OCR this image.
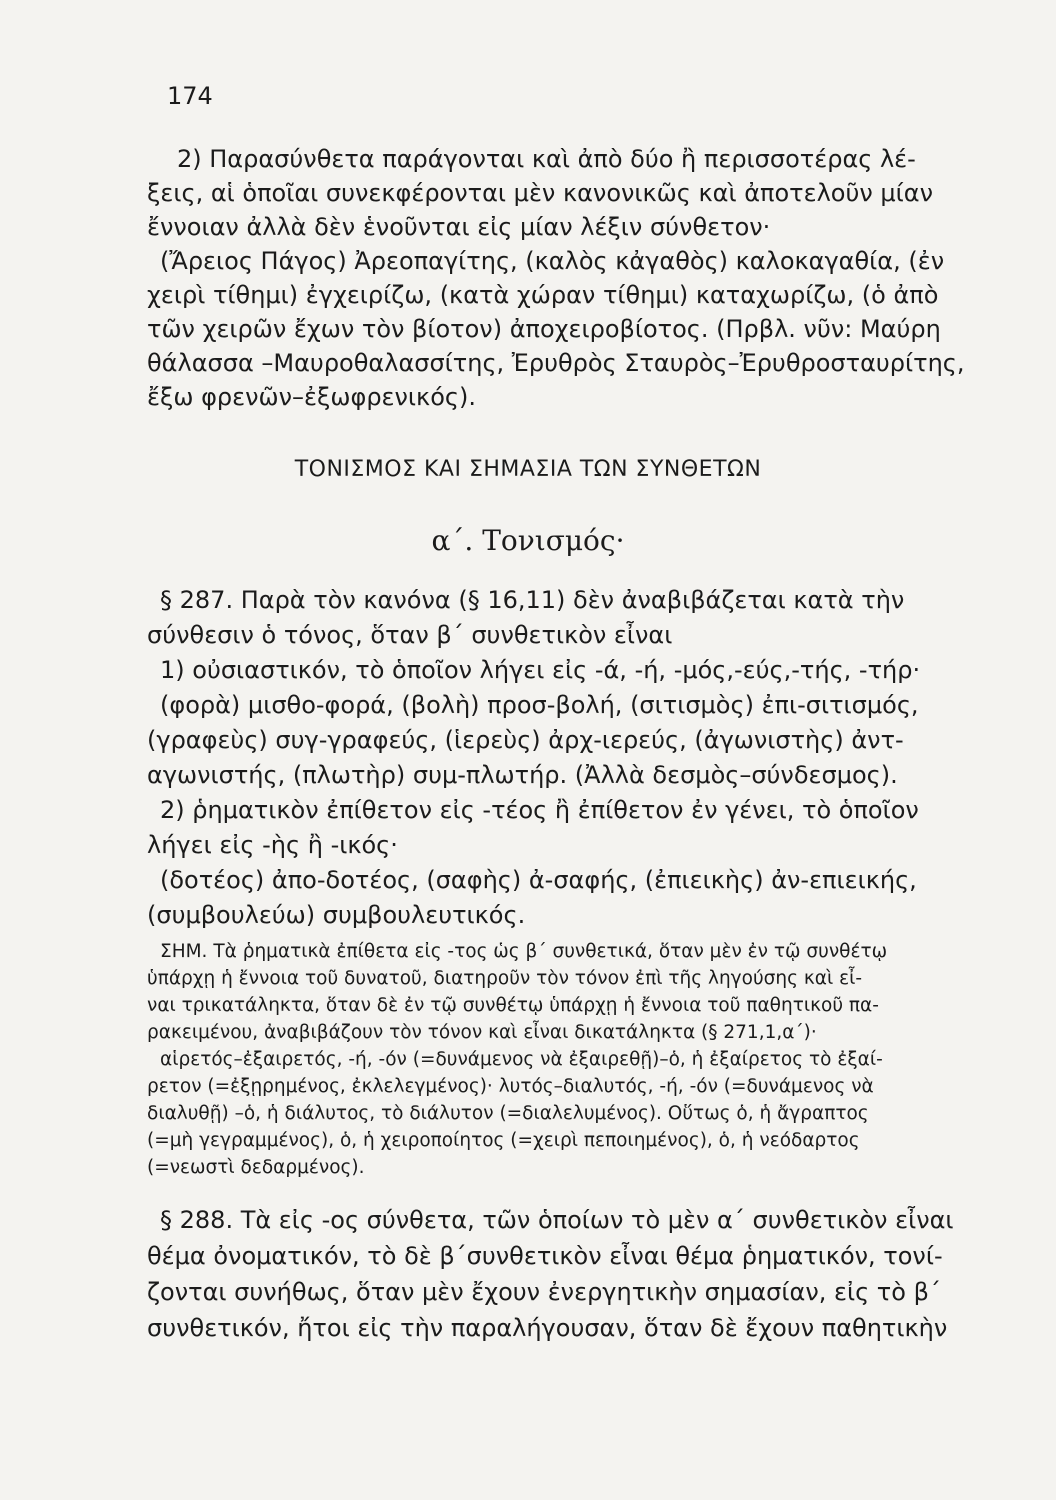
174
2) Παρασύνθετα παράγονται καὶ ἀπὸ δύο ἢ περισσοτέρας λέ-
ξεις, αἱ ὁποῖαι συνεκφέρονται μὲν κανονικῶς καὶ ἀποτελοῦν μίαν
ἔννοιαν ἀλλὰ δὲν ἑνοῦνται εἰς μίαν λέξιν σύνθετον·
(Ἄρειος Πάγος) Ἀρεοπαγίτης, (καλὸς κἀγαθὸς) καλοκαγαθία, (ἐν
χειρὶ τίθημι) ἐγχειρίζω, (κατὰ χώραν τίθημι) καταχωρίζω, (ὁ ἀπὸ
τῶν χειρῶν ἔχων τὸν βίοτον) ἀποχειροβίοτος. (Πρβλ. νῦν: Μαύρη
θάλασσα –Μαυροθαλασσίτης, Ἐρυθρὸς Σταυρὸς–Ἐρυθροσταυρίτης,
ἔξω φρενῶν–ἐξωφρενικός).
ΤΟΝΙΣΜΟΣ ΚΑΙ ΣΗΜΑΣΙΑ ΤΩΝ ΣΥΝΘΕΤΩΝ
α΄. Τονισμός·
§ 287. Παρὰ τὸν κανόνα (§ 16,11) δὲν ἀναβιβάζεται κατὰ τὴν
σύνθεσιν ὁ τόνος, ὅταν β΄ συνθετικὸν εἶναι
1) οὐσιαστικόν, τὸ ὁποῖον λήγει εἰς -ά, -ή, -μός,-εύς,-τής, -τήρ·
(φορὰ) μισθο-φορά, (βολὴ) προσ-βολή, (σιτισμὸς) ἐπι-σιτισμός,
(γραφεὺς) συγ-γραφεύς, (ἱερεὺς) ἀρχ-ιερεύς, (ἀγωνιστὴς) ἀντ-
αγωνιστής, (πλωτὴρ) συμ-πλωτήρ. (Ἀλλὰ δεσμὸς–σύνδεσμος).
2) ῥηματικὸν ἐπίθετον εἰς -τέος ἢ ἐπίθετον ἐν γένει, τὸ ὁποῖον
λήγει εἰς -ὴς ἢ -ικός·
(δοτέος) ἀπο-δοτέος, (σαφὴς) ἀ-σαφής, (ἐπιεικὴς) ἀν-επιεικής,
(συμβουλεύω) συμβουλευτικός.
ΣΗΜ. Τὰ ῥηματικὰ ἐπίθετα εἰς -τος ὡς β΄ συνθετικά, ὅταν μὲν ἐν τῷ συνθέτῳ
ὑπάρχῃ ἡ ἔννοια τοῦ δυνατοῦ, διατηροῦν τὸν τόνον ἐπὶ τῆς ληγούσης καὶ εἶ-
ναι τρικατάληκτα, ὅταν δὲ ἐν τῷ συνθέτῳ ὑπάρχῃ ἡ ἔννοια τοῦ παθητικοῦ πα-
ρακειμένου, ἀναβιβάζουν τὸν τόνον καὶ εἶναι δικατάληκτα (§ 271,1,α΄)·
αἱρετός–ἐξαιρετός, -ή, -όν (=δυνάμενος νὰ ἐξαιρεθῇ)–ὁ, ἡ ἐξαίρετος τὸ ἐξαί-
ρετον (=ἐξῃρημένος, ἐκλελεγμένος)· λυτός–διαλυτός, -ή, -όν (=δυνάμενος νὰ
διαλυθῇ) –ὁ, ἡ διάλυτος, τὸ διάλυτον (=διαλελυμένος). Οὕτως ὁ, ἡ ἄγραπτος
(=μὴ γεγραμμένος), ὁ, ἡ χειροποίητος (=χειρὶ πεποιημένος), ὁ, ἡ νεόδαρτος
(=νεωστὶ δεδαρμένος).
§ 288. Τὰ εἰς -ος σύνθετα, τῶν ὁποίων τὸ μὲν α΄ συνθετικὸν εἶναι
θέμα ὀνοματικόν, τὸ δὲ β΄συνθετικὸν εἶναι θέμα ῥηματικόν, τονί-
ζονται συνήθως, ὅταν μὲν ἔχουν ἐνεργητικὴν σημασίαν, εἰς τὸ β΄
συνθετικόν, ἤτοι εἰς τὴν παραλήγουσαν, ὅταν δὲ ἔχουν παθητικὴν
